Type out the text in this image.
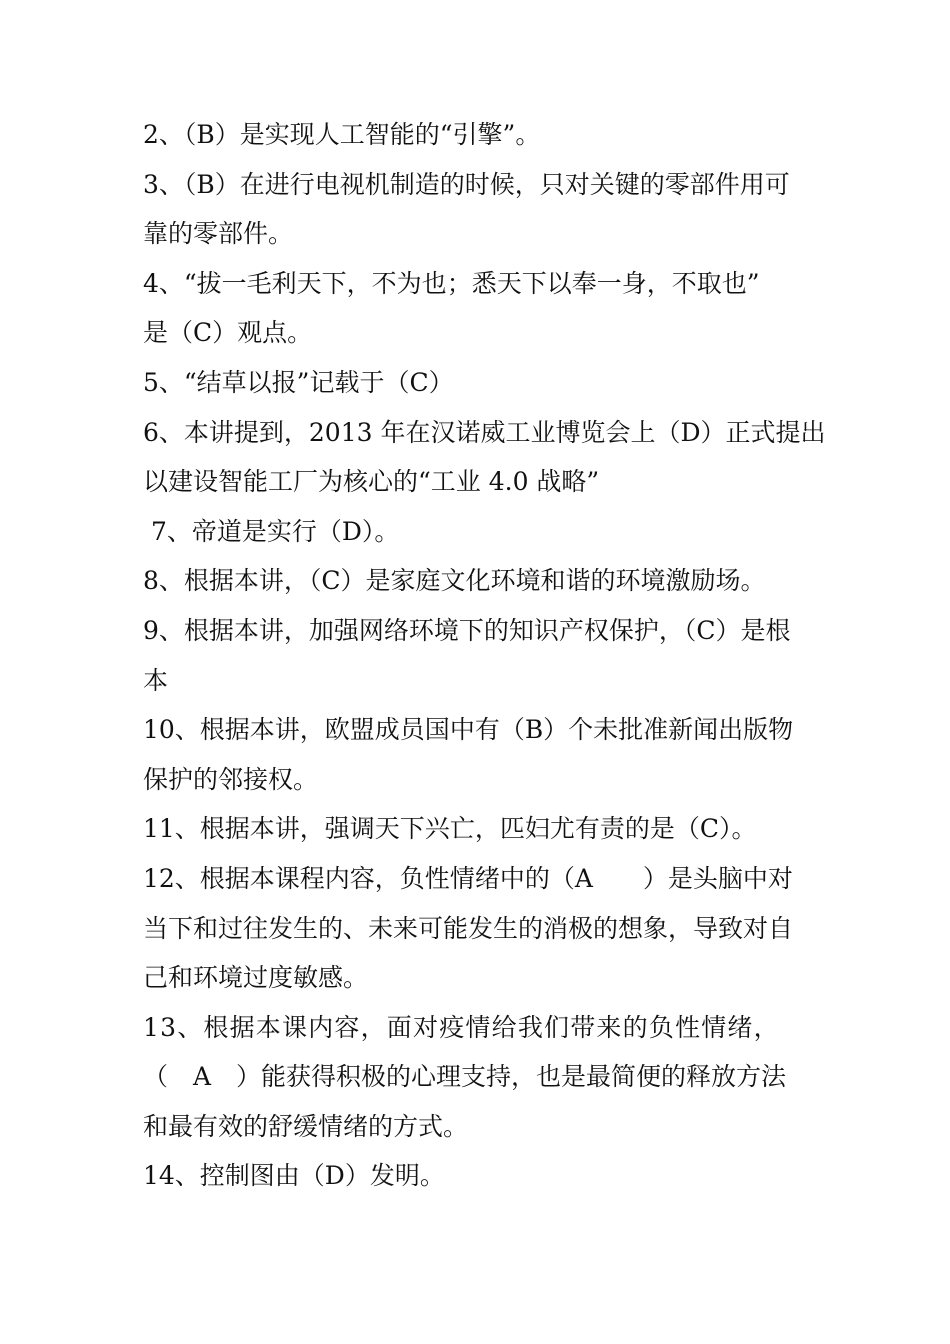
2、（B）是实现人工智能的“引擎”。
3、（B）在进行电视机制造的时候，只对关键的零部件用可
靠的零部件。
4、“拔一毛利天下，不为也；悉天下以奉一身，不取也”
是（C）观点。
5、“结草以报”记载于（C）
6、本讲提到，2013 年在汉诺威工业博览会上（D）正式提出
以建设智能工厂为核心的“工业 4.0 战略”
7、帝道是实行（D）。
8、根据本讲，（C）是家庭文化环境和谐的环境激励场。
9、根据本讲，加强网络环境下的知识产权保护，（C）是根
本
10、根据本讲，欧盟成员国中有（B）个未批准新闻出版物
保护的邻接权。
11、根据本讲，强调天下兴亡，匹妇尤有责的是（C）。
12、根据本课程内容，负性情绪中的（A　　）是头脑中对
当下和过往发生的、未来可能发生的消极的想象，导致对自
己和环境过度敏感。
13、根据本课内容，面对疫情给我们带来的负性情绪，
（　A　）能获得积极的心理支持，也是最简便的释放方法
和最有效的舒缓情绪的方式。
14、控制图由（D）发明。
